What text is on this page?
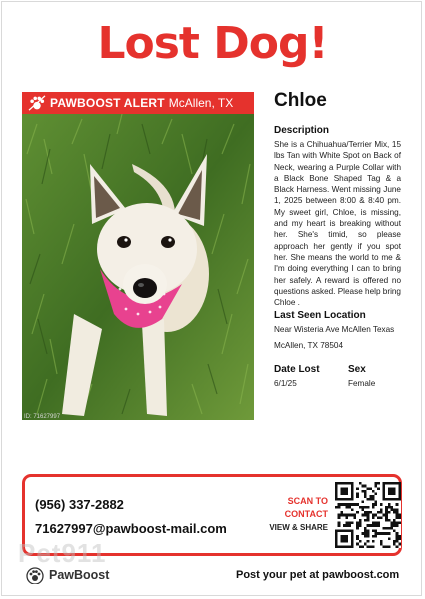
Lost Dog!
PAWBOOST ALERT McAllen, TX
ID: 71627997
Chloe
Description
She is a Chihuahua/Terrier Mix, 15 lbs Tan with White Spot on Back of Neck, wearing a Purple Collar with a Black Bone Shaped Tag & a Black Harness. Went missing June 1, 2025 between 8:00 & 8:40 pm. My sweet girl, Chloe, is missing, and my heart is breaking without her. She's timid, so please approach her gently if you spot her. She means the world to me & I'm doing everything I can to bring her safely. A reward is offered no questions asked. Please help bring Chloe .
Last Seen Location
Near Wisteria Ave McAllen Texas
McAllen, TX 78504
Date Lost
6/1/25
Sex
Female
(956) 337-2882
71627997@pawboost-mail.com
SCAN TO
CONTACT
VIEW & SHARE
Pet911
PawBoost	Post your pet at pawboost.com
